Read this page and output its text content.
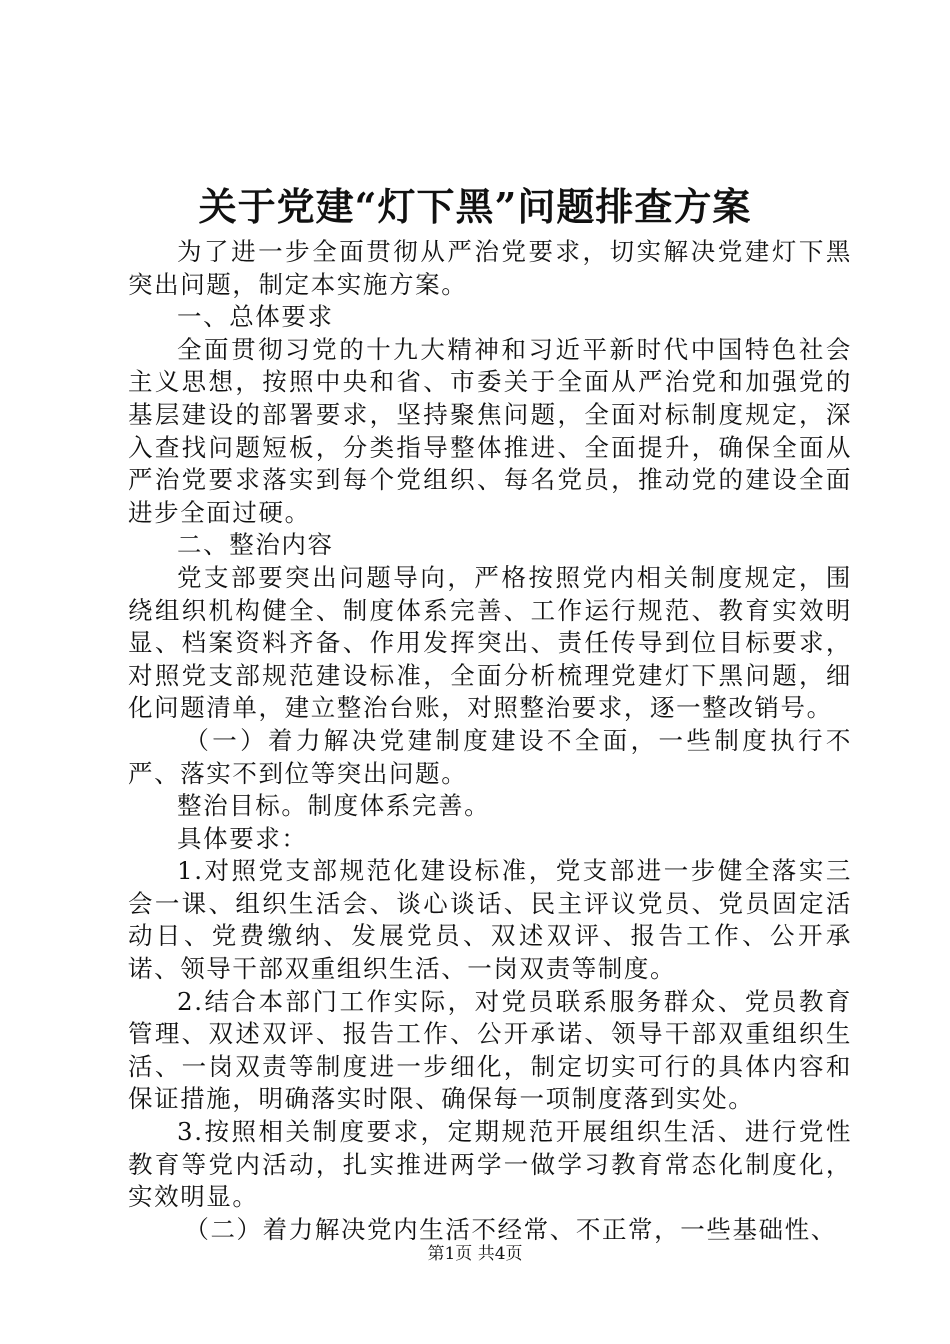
关于党建“灯下黑”问题排查方案

为了进一步全面贯彻从严治党要求，切实解决党建灯下黑突出问题，制定本实施方案。

一、总体要求

全面贯彻习党的十九大精神和习近平新时代中国特色社会主义思想，按照中央和省、市委关于全面从严治党和加强党的基层建设的部署要求，坚持聚焦问题，全面对标制度规定，深入查找问题短板，分类指导整体推进、全面提升，确保全面从严治党要求落实到每个党组织、每名党员，推动党的建设全面进步全面过硬。

二、整治内容

党支部要突出问题导向，严格按照党内相关制度规定，围绕组织机构健全、制度体系完善、工作运行规范、教育实效明显、档案资料齐备、作用发挥突出、责任传导到位目标要求，对照党支部规范建设标准，全面分析梳理党建灯下黑问题，细化问题清单，建立整治台账，对照整治要求，逐一整改销号。

（一）着力解决党建制度建设不全面，一些制度执行不严、落实不到位等突出问题。

整治目标。制度体系完善。

具体要求：

1.对照党支部规范化建设标准，党支部进一步健全落实三会一课、组织生活会、谈心谈话、民主评议党员、党员固定活动日、党费缴纳、发展党员、双述双评、报告工作、公开承诺、领导干部双重组织生活、一岗双责等制度。

2.结合本部门工作实际，对党员联系服务群众、党员教育管理、双述双评、报告工作、公开承诺、领导干部双重组织生活、一岗双责等制度进一步细化，制定切实可行的具体内容和保证措施，明确落实时限、确保每一项制度落到实处。

3.按照相关制度要求，定期规范开展组织生活、进行党性教育等党内活动，扎实推进两学一做学习教育常态化制度化，实效明显。

（二）着力解决党内生活不经常、不正常，一些基础性、

第1页 共4页
